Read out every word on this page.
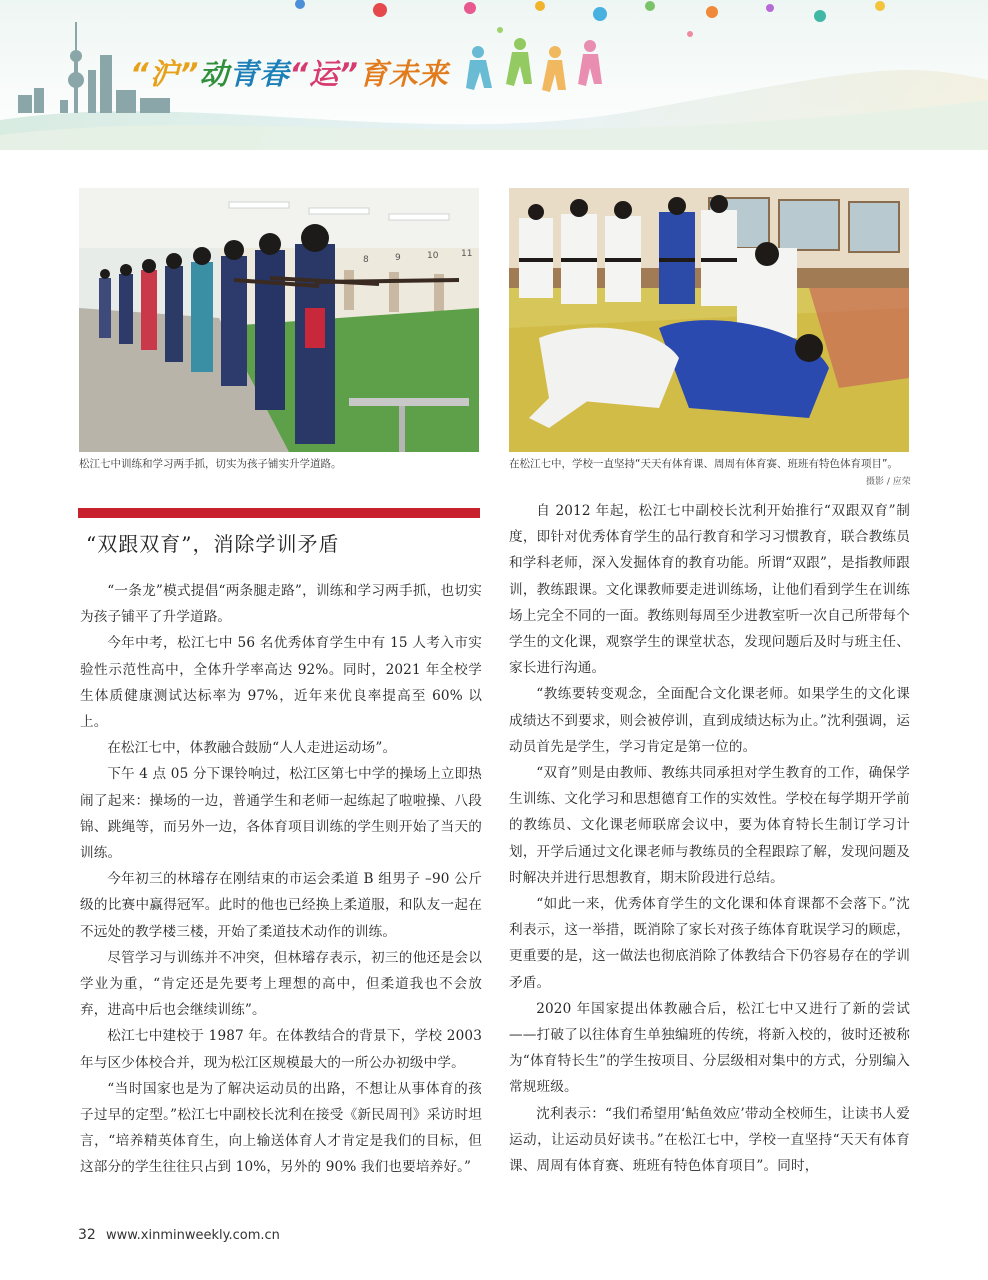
“沪”动青春“运”育未来
8	9	10	11
松江七中训练和学习两手抓，切实为孩子铺实升学道路。	在松江七中，学校一直坚持“天天有体育课、周周有体育赛、班班有特色体育项目”。
摄影 / 应荣
“双跟双育”，消除学训矛盾

“一条龙”模式提倡“两条腿走路”，训练和学习两手抓，也切实为孩子铺平了升学道路。

今年中考，松江七中 56 名优秀体育学生中有 15 人考入市实验性示范性高中，全体升学率高达 92%。同时，2021 年全校学生体质健康测试达标率为 97%，近年来优良率提高至 60% 以上。

在松江七中，体教融合鼓励“人人走进运动场”。

下午 4 点 05 分下课铃响过，松江区第七中学的操场上立即热闹了起来：操场的一边，普通学生和老师一起练起了啦啦操、八段锦、跳绳等，而另外一边，各体育项目训练的学生则开始了当天的训练。

今年初三的林璿存在刚结束的市运会柔道 B 组男子 –90 公斤级的比赛中赢得冠军。此时的他也已经换上柔道服，和队友一起在不远处的教学楼三楼，开始了柔道技术动作的训练。

尽管学习与训练并不冲突，但林璿存表示，初三的他还是会以学业为重，“肯定还是先要考上理想的高中，但柔道我也不会放弃，进高中后也会继续训练”。

松江七中建校于 1987 年。在体教结合的背景下，学校 2003 年与区少体校合并，现为松江区规模最大的一所公办初级中学。

“当时国家也是为了解决运动员的出路，不想让从事体育的孩子过早的定型。”松江七中副校长沈利在接受《新民周刊》采访时坦言，“培养精英体育生，向上输送体育人才肯定是我们的目标，但这部分的学生往往只占到 10%，另外的 90% 我们也要培养好。”

自 2012 年起，松江七中副校长沈利开始推行“双跟双育”制度，即针对优秀体育学生的品行教育和学习习惯教育，联合教练员和学科老师，深入发掘体育的教育功能。所谓“双跟”，是指教师跟训，教练跟课。文化课教师要走进训练场，让他们看到学生在训练场上完全不同的一面。教练则每周至少进教室听一次自己所带每个学生的文化课，观察学生的课堂状态，发现问题后及时与班主任、家长进行沟通。

“教练要转变观念，全面配合文化课老师。如果学生的文化课成绩达不到要求，则会被停训，直到成绩达标为止。”沈利强调，运动员首先是学生，学习肯定是第一位的。

“双育”则是由教师、教练共同承担对学生教育的工作，确保学生训练、文化学习和思想德育工作的实效性。学校在每学期开学前的教练员、文化课老师联席会议中，要为体育特长生制订学习计划，开学后通过文化课老师与教练员的全程跟踪了解，发现问题及时解决并进行思想教育，期末阶段进行总结。

“如此一来，优秀体育学生的文化课和体育课都不会落下。”沈利表示，这一举措，既消除了家长对孩子练体育耽误学习的顾虑，更重要的是，这一做法也彻底消除了体教结合下仍容易存在的学训矛盾。

2020 年国家提出体教融合后，松江七中又进行了新的尝试——打破了以往体育生单独编班的传统，将新入校的，彼时还被称为“体育特长生”的学生按项目、分层级相对集中的方式，分别编入常规班级。

沈利表示：“我们希望用‘鲇鱼效应’带动全校师生，让读书人爱运动，让运动员好读书。”在松江七中，学校一直坚持“天天有体育课、周周有体育赛、班班有特色体育项目”。同时，

32 www.xinminweekly.com.cn
